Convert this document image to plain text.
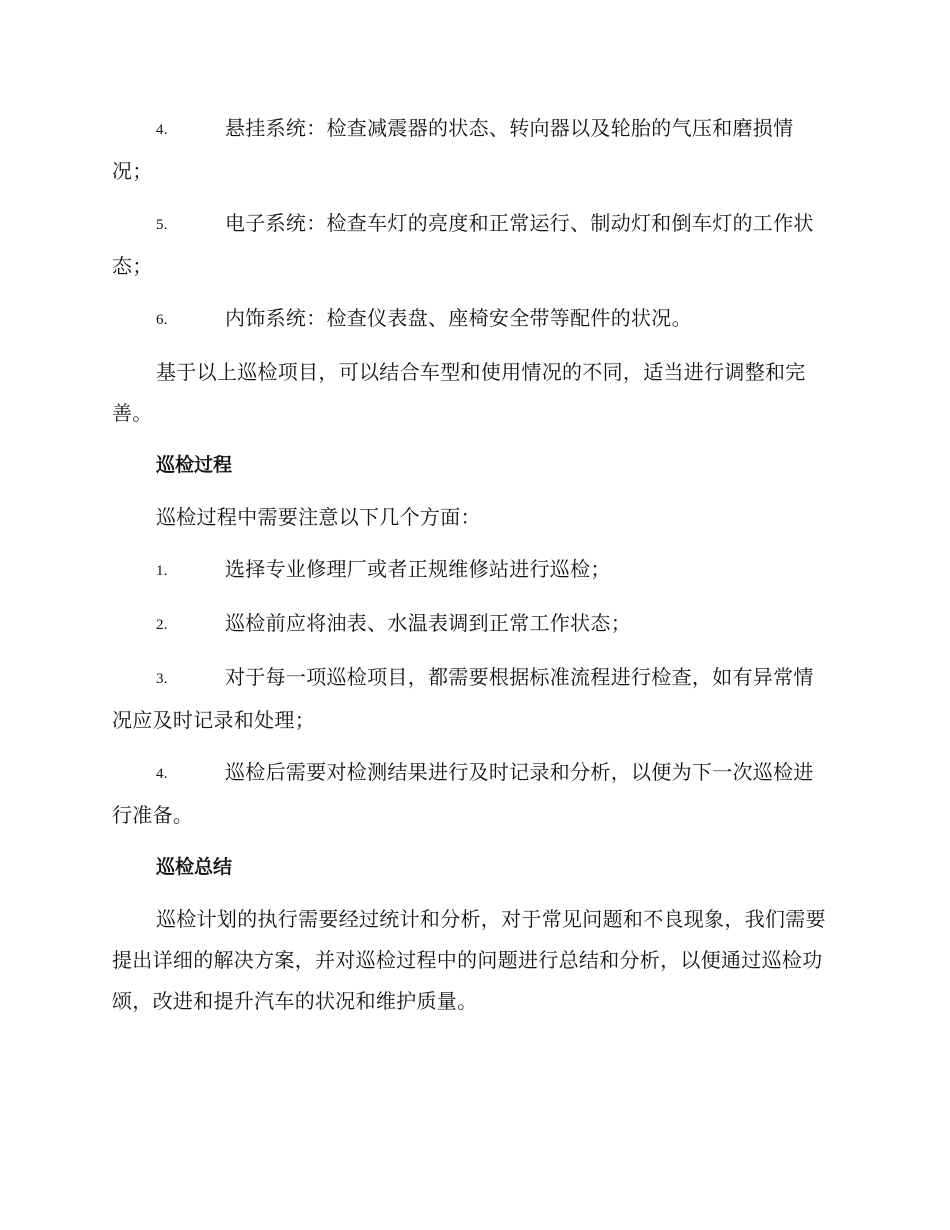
4.	悬挂系统：检查减震器的状态、转向器以及轮胎的气压和磨损情况；
5.	电子系统：检查车灯的亮度和正常运行、制动灯和倒车灯的工作状态；
6.	内饰系统：检查仪表盘、座椅安全带等配件的状况。
基于以上巡检项目，可以结合车型和使用情况的不同，适当进行调整和完善。
巡检过程
巡检过程中需要注意以下几个方面：
1.	选择专业修理厂或者正规维修站进行巡检；
2.	巡检前应将油表、水温表调到正常工作状态；
3.	对于每一项巡检项目，都需要根据标准流程进行检查，如有异常情况应及时记录和处理；
4.	巡检后需要对检测结果进行及时记录和分析，以便为下一次巡检进行准备。
巡检总结
巡检计划的执行需要经过统计和分析，对于常见问题和不良现象，我们需要提出详细的解决方案，并对巡检过程中的问题进行总结和分析，以便通过巡检功颂，改进和提升汽车的状况和维护质量。
